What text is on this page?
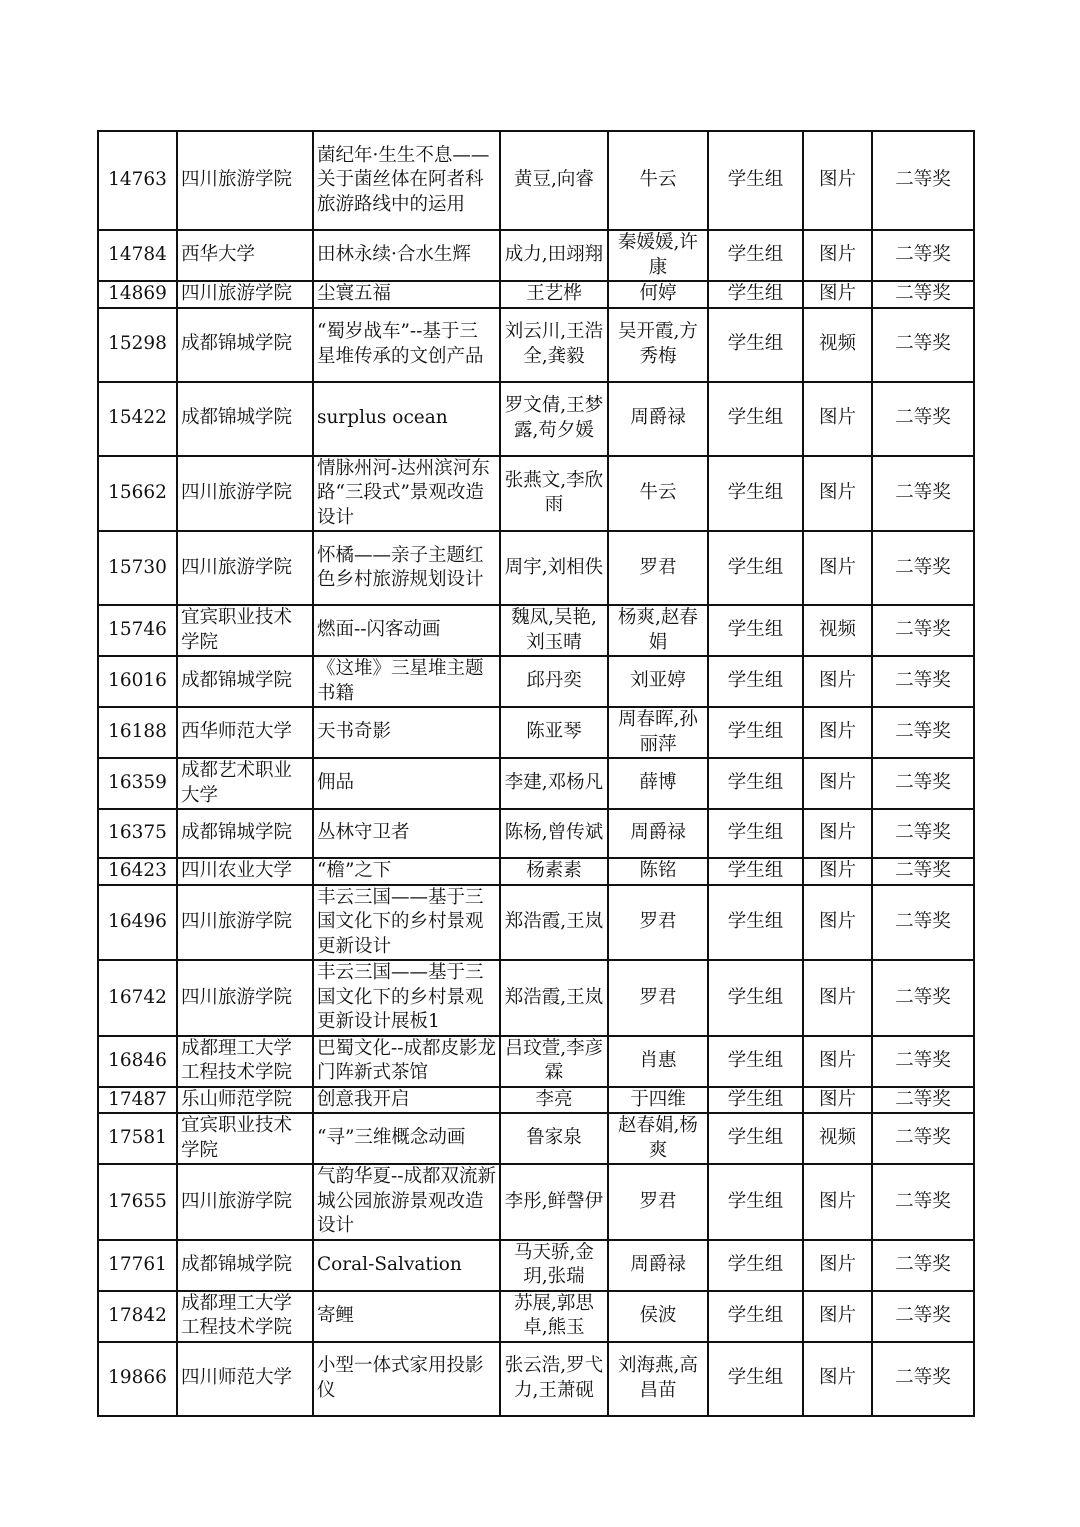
14763	四川旅游学院	菌纪年·生生不息——关于菌丝体在阿者科旅游路线中的运用	黄豆,向睿	牛云	学生组	图片	二等奖
14784	西华大学	田林永续·合水生辉	成力,田翊翔	秦媛媛,许康	学生组	图片	二等奖
14869	四川旅游学院	尘寰五福	王艺桦	何婷	学生组	图片	二等奖
15298	成都锦城学院	“蜀岁战车”--基于三星堆传承的文创产品	刘云川,王浩全,龚毅	吴开霞,方秀梅	学生组	视频	二等奖
15422	成都锦城学院	surplus ocean	罗文倩,王梦露,苟夕媛	周爵禄	学生组	图片	二等奖
15662	四川旅游学院	情脉州河-达州滨河东路“三段式”景观改造设计	张燕文,李欣雨	牛云	学生组	图片	二等奖
15730	四川旅游学院	怀橘——亲子主题红色乡村旅游规划设计	周宇,刘相佚	罗君	学生组	图片	二等奖
15746	宜宾职业技术学院	燃面--闪客动画	魏凤,吴艳,刘玉晴	杨爽,赵春娟	学生组	视频	二等奖
16016	成都锦城学院	《这堆》三星堆主题书籍	邱丹奕	刘亚婷	学生组	图片	二等奖
16188	西华师范大学	天书奇影	陈亚琴	周春晖,孙丽萍	学生组	图片	二等奖
16359	成都艺术职业大学	佣品	李建,邓杨凡	薛博	学生组	图片	二等奖
16375	成都锦城学院	丛林守卫者	陈杨,曾传斌	周爵禄	学生组	图片	二等奖
16423	四川农业大学	“檐”之下	杨素素	陈铭	学生组	图片	二等奖
16496	四川旅游学院	丰云三国——基于三国文化下的乡村景观更新设计	郑浩霞,王岚	罗君	学生组	图片	二等奖
16742	四川旅游学院	丰云三国——基于三国文化下的乡村景观更新设计展板1	郑浩霞,王岚	罗君	学生组	图片	二等奖
16846	成都理工大学工程技术学院	巴蜀文化--成都皮影龙门阵新式茶馆	吕玟萱,李彦霖	肖惠	学生组	图片	二等奖
17487	乐山师范学院	创意我开启	李亮	于四维	学生组	图片	二等奖
17581	宜宾职业技术学院	“寻”三维概念动画	鲁家泉	赵春娟,杨爽	学生组	视频	二等奖
17655	四川旅游学院	气韵华夏--成都双流新城公园旅游景观改造设计	李彤,鲜謦伊	罗君	学生组	图片	二等奖
17761	成都锦城学院	Coral-Salvation	马天骄,金玥,张瑞	周爵禄	学生组	图片	二等奖
17842	成都理工大学工程技术学院	寄鲤	苏展,郭思卓,熊玉	侯波	学生组	图片	二等奖
19866	四川师范大学	小型一体式家用投影仪	张云浩,罗弋力,王萧砚	刘海燕,高昌苗	学生组	图片	二等奖
